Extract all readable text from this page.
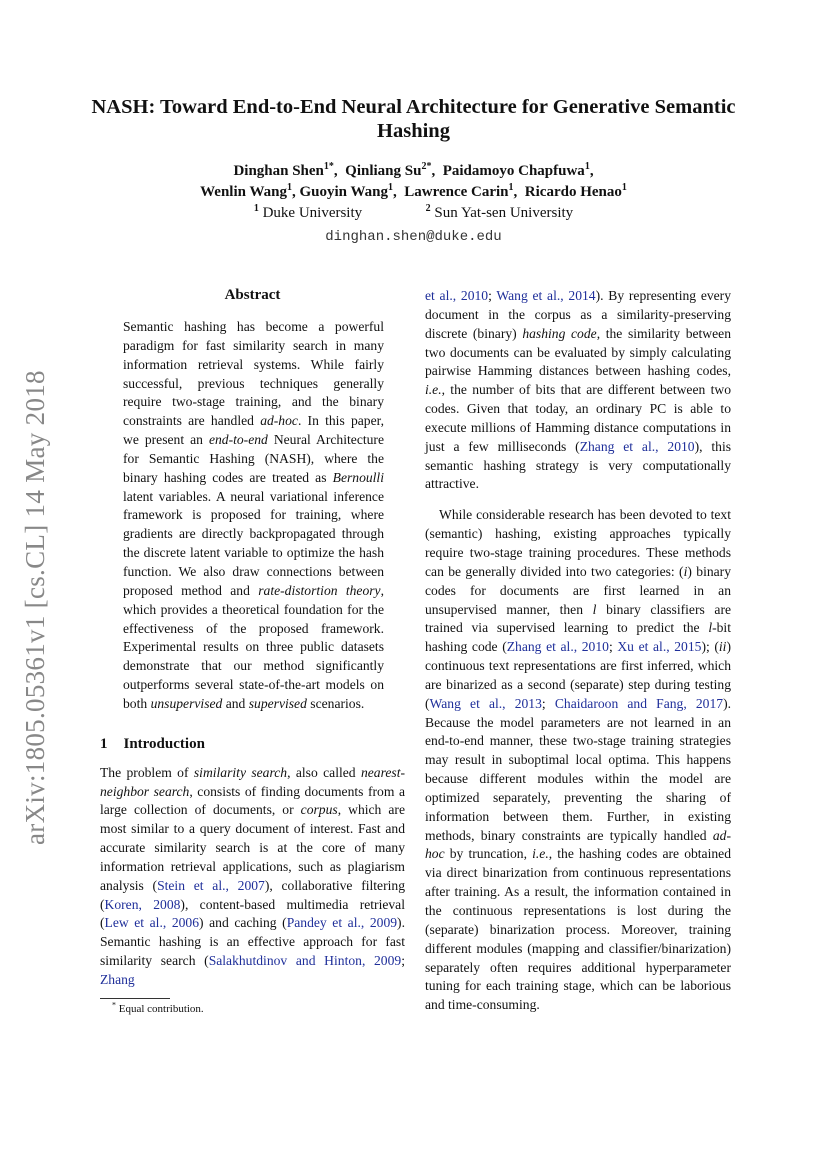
arXiv:1805.05361v1 [cs.CL] 14 May 2018
NASH: Toward End-to-End Neural Architecture for Generative Semantic Hashing
Dinghan Shen$^{1*}$,  Qinliang $Su^{2*}$,  Paidamoyo Chapfuwa$^1$,
Wenlin Wang$^1$, Guoyin Wang$^1$,  Lawrence Carin$^1$,  Ricardo Henao$^1$
$^1$ Duke University	$^2$ Sun Yat-sen University
dinghan.shen@duke.edu
Abstract
Semantic hashing has become a powerful paradigm for fast similarity search in many information retrieval systems. While fairly successful, previous techniques generally require two-stage training, and the binary constraints are handled ad-hoc. In this paper, we present an end-to-end Neural Architecture for Semantic Hashing (NASH), where the binary hashing codes are treated as Bernoulli latent variables. A neural variational inference framework is proposed for training, where gradients are directly backpropagated through the discrete latent variable to optimize the hash function. We also draw connections between proposed method and rate-distortion theory, which provides a theoretical foundation for the effectiveness of the proposed framework. Experimental results on three public datasets demonstrate that our method significantly outperforms several state-of-the-art models on both unsupervised and supervised scenarios.
1 Introduction
The problem of similarity search, also called nearest-neighbor search, consists of finding documents from a large collection of documents, or corpus, which are most similar to a query document of interest. Fast and accurate similarity search is at the core of many information retrieval applications, such as plagiarism analysis (Stein et al., 2007), collaborative filtering (Koren, 2008), content-based multimedia retrieval (Lew et al., 2006) and caching (Pandey et al., 2009). Semantic hashing is an effective approach for fast similarity search (Salakhutdinov and Hinton, 2009; Zhang
* Equal contribution.
et al., 2010; Wang et al., 2014). By representing every document in the corpus as a similarity-preserving discrete (binary) hashing code, the similarity between two documents can be evaluated by simply calculating pairwise Hamming distances between hashing codes, i.e., the number of bits that are different between two codes. Given that today, an ordinary PC is able to execute millions of Hamming distance computations in just a few milliseconds (Zhang et al., 2010), this semantic hashing strategy is very computationally attractive.
While considerable research has been devoted to text (semantic) hashing, existing approaches typically require two-stage training procedures. These methods can be generally divided into two categories: (i) binary codes for documents are first learned in an unsupervised manner, then l binary classifiers are trained via supervised learning to predict the l-bit hashing code (Zhang et al., 2010; Xu et al., 2015); (ii) continuous text representations are first inferred, which are binarized as a second (separate) step during testing (Wang et al., 2013; Chaidaroon and Fang, 2017). Because the model parameters are not learned in an end-to-end manner, these two-stage training strategies may result in suboptimal local optima. This happens because different modules within the model are optimized separately, preventing the sharing of information between them. Further, in existing methods, binary constraints are typically handled ad-hoc by truncation, i.e., the hashing codes are obtained via direct binarization from continuous representations after training. As a result, the information contained in the continuous representations is lost during the (separate) binarization process. Moreover, training different modules (mapping and classifier/binarization) separately often requires additional hyperparameter tuning for each training stage, which can be laborious and time-consuming.
